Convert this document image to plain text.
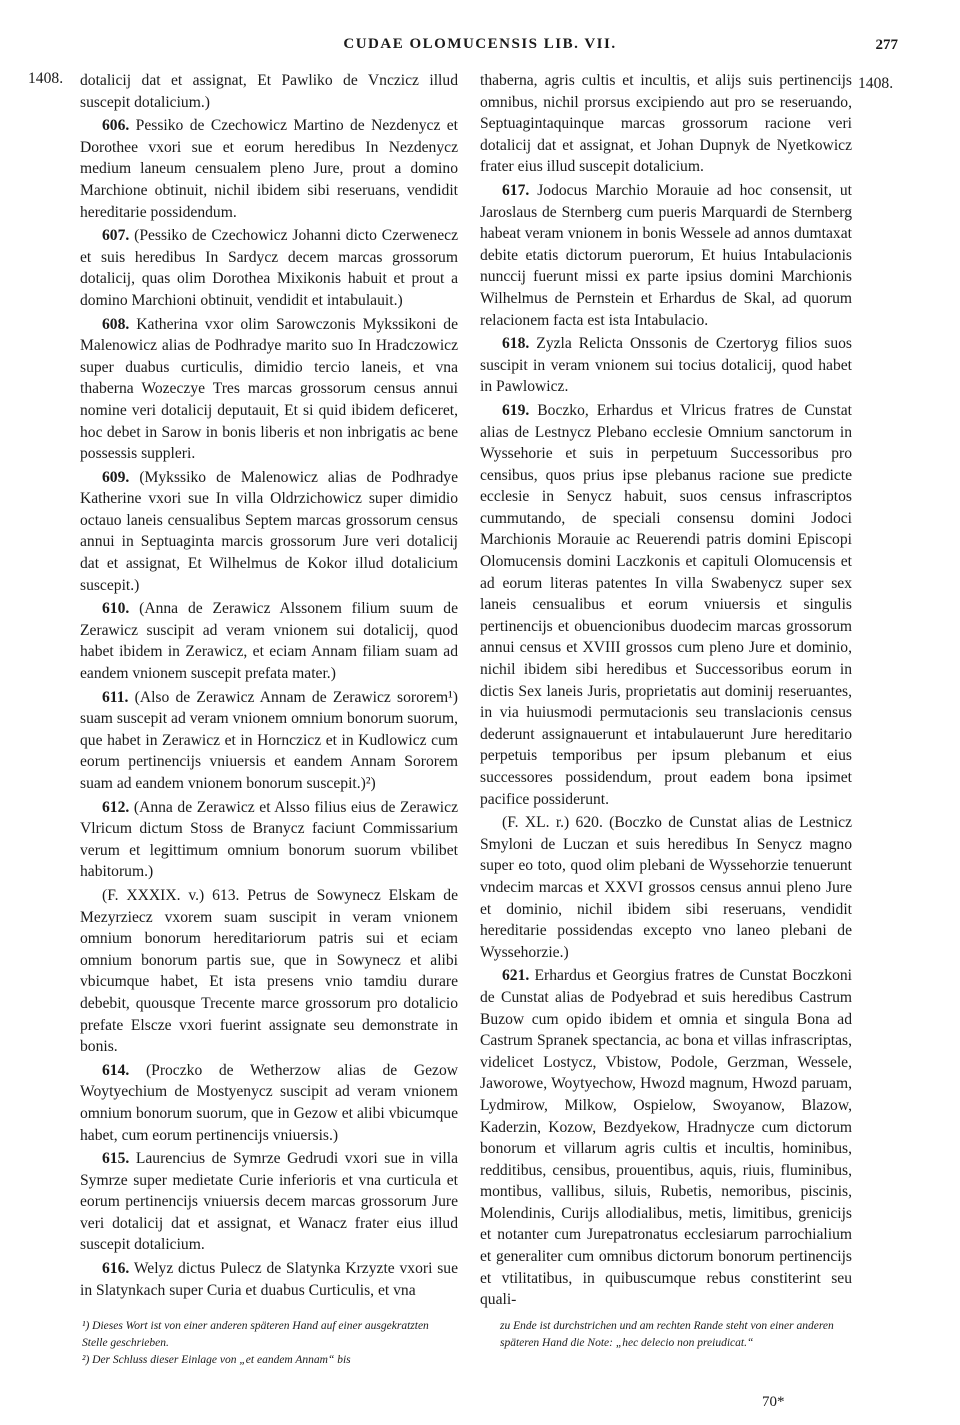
CUDAE OLOMUCENSIS LIB. VII.	277
1408.	1408.

dotalicij dat et assignat, Et Pawliko de Vnczicz illud suscepit dotalicium.)

606. Pessiko de Czechowicz Martino de Nezdenycz et Dorothee vxori sue et eorum heredibus In Nezdenycz medium laneum censualem pleno Jure, prout a domino Marchione obtinuit, nichil ibidem sibi reseruans, vendidit hereditarie possidendum.

607. (Pessiko de Czechowicz Johanni dicto Czerwenecz et suis heredibus In Sardycz decem marcas grossorum dotalicij, quas olim Dorothea Mixikonis habuit et prout a domino Marchioni obtinuit, vendidit et intabulauit.)

608. Katherina vxor olim Sarowczonis Mykssikoni de Malenowicz alias de Podhradye marito suo In Hradczowicz super duabus curticulis, dimidio tercio laneis, et vna thaberna Wozeczye Tres marcas grossorum census annui nomine veri dotalicij deputauit, Et si quid ibidem deficeret, hoc debet in Sarow in bonis liberis et non inbrigatis ac bene possessis suppleri.

609. (Mykssiko de Malenowicz alias de Podhradye Katherine vxori sue In villa Oldrzichowicz super dimidio octauo laneis censualibus Septem marcas grossorum census annui in Septuaginta marcis grossorum Jure veri dotalicij dat et assignat, Et Wilhelmus de Kokor illud dotalicium suscepit.)

610. (Anna de Zerawicz Alssonem filium suum de Zerawicz suscipit ad veram vnionem sui dotalicij, quod habet ibidem in Zerawicz, et eciam Annam filiam suam ad eandem vnionem suscepit prefata mater.)

611. (Also de Zerawicz Annam de Zerawicz sororem¹) suam suscepit ad veram vnionem omnium bonorum suorum, que habet in Zerawicz et in Hornczicz et in Kudlowicz cum eorum pertinencijs vniuersis et eandem Annam Sororem suam ad eandem vnionem bonorum suscepit.)²)

612. (Anna de Zerawicz et Alsso filius eius de Zerawicz Vlricum dictum Stoss de Branycz faciunt Commissarium verum et legittimum omnium bonorum suorum vbilibet habitorum.)

(F. XXXIX. v.) 613. Petrus de Sowynecz Elskam de Mezyrziecz vxorem suam suscipit in veram vnionem omnium bonorum hereditariorum patris sui et eciam omnium bonorum partis sue, que in Sowynecz et alibi vbicumque habet, Et ista presens vnio tamdiu durare debebit, quousque Trecente marce grossorum pro dotalicio prefate Elscze vxori fuerint assignate seu demonstrate in bonis.

614. (Proczko de Wetherzow alias de Gezow Woytyechium de Mostyenycz suscipit ad veram vnionem omnium bonorum suorum, que in Gezow et alibi vbicumque habet, cum eorum pertinencijs vniuersis.)

615. Laurencius de Symrze Gedrudi vxori sue in villa Symrze super medietate Curie inferioris et vna curticula et eorum pertinencijs vniuersis decem marcas grossorum Jure veri dotalicij dat et assignat, et Wanacz frater eius illud suscepit dotalicium.

616. Welyz dictus Pulecz de Slatynka Krzyzte vxori sue in Slatynkach super Curia et duabus Curticulis, et vna

thaberna, agris cultis et incultis, et alijs suis pertinencijs omnibus, nichil prorsus excipiendo aut pro se reseruando, Septuagintaquinque marcas grossorum racione veri dotalicij dat et assignat, et Johan Dupnyk de Nyetkowicz frater eius illud suscepit dotalicium.

617. Jodocus Marchio Morauie ad hoc consensit, ut Jaroslaus de Sternberg cum pueris Marquardi de Sternberg habeat veram vnionem in bonis Wessele ad annos dumtaxat debite etatis dictorum puerorum, Et huius Intabulacionis nunccij fuerunt missi ex parte ipsius domini Marchionis Wilhelmus de Pernstein et Erhardus de Skal, ad quorum relacionem facta est ista Intabulacio.

618. Zyzla Relicta Onssonis de Czertoryg filios suos suscipit in veram vnionem sui tocius dotalicij, quod habet in Pawlowicz.

619. Boczko, Erhardus et Vlricus fratres de Cunstat alias de Lestnycz Plebano ecclesie Omnium sanctorum in Wyssehorie et suis in perpetuum Successoribus pro censibus, quos prius ipse plebanus racione sue predicte ecclesie in Senycz habuit, suos census infrascriptos cummutando, de speciali consensu domini Jodoci Marchionis Morauie ac Reuerendi patris domini Episcopi Olomucensis domini Laczkonis et capituli Olomucensis et ad eorum literas patentes In villa Swabenycz super sex laneis censualibus et eorum vniuersis et singulis pertinencijs et obuencionibus duodecim marcas grossorum annui census et XVIII grossos cum pleno Jure et dominio, nichil ibidem sibi heredibus et Successoribus eorum in dictis Sex laneis Juris, proprietatis aut dominij reseruantes, in via huiusmodi permutacionis seu translacionis census dederunt assignauerunt et intabulauerunt Jure hereditario perpetuis temporibus per ipsum plebanum et eius successores possidendum, prout eadem bona ipsimet pacifice possiderunt.

(F. XL. r.) 620. (Boczko de Cunstat alias de Lestnicz Smyloni de Luczan et suis heredibus In Senycz magno super eo toto, quod olim plebani de Wyssehorzie tenuerunt vndecim marcas et XXVI grossos census annui pleno Jure et dominio, nichil ibidem sibi reseruans, vendidit hereditarie possidendas excepto vno laneo plebani de Wyssehorzie.)

621. Erhardus et Georgius fratres de Cunstat Boczkoni de Cunstat alias de Podyebrad et suis heredibus Castrum Buzow cum opido ibidem et omnia et singula Bona ad Castrum Spranek spectancia, ac bona et villas infrascriptas, videlicet Lostycz, Vbistow, Podole, Gerzman, Wessele, Jaworowe, Woytyechow, Hwozd magnum, Hwozd paruam, Lydmirow, Milkow, Ospielow, Swoyanow, Blazow, Kaderzin, Kozow, Bezdyekow, Hradnycze cum dictorum bonorum et villarum agris cultis et incultis, hominibus, redditibus, censibus, prouentibus, aquis, riuis, fluminibus, montibus, vallibus, siluis, Rubetis, nemoribus, piscinis, Molendinis, Curijs allodialibus, metis, limitibus, grenicijs et notanter cum Jurepatronatus ecclesiarum parrochialium et generaliter cum omnibus dictorum bonorum pertinencijs et vtilitatibus, in quibuscumque rebus constiterint seu quali-

¹) Dieses Wort ist von einer anderen späteren Hand auf einer ausgekratzten Stelle geschrieben.

²) Der Schluss dieser Einlage von „et eandem Annam“ bis

zu Ende ist durchstrichen und am rechten Rande steht von einer anderen späteren Hand die Note: „hec delecio non preiudicat.“

70*
